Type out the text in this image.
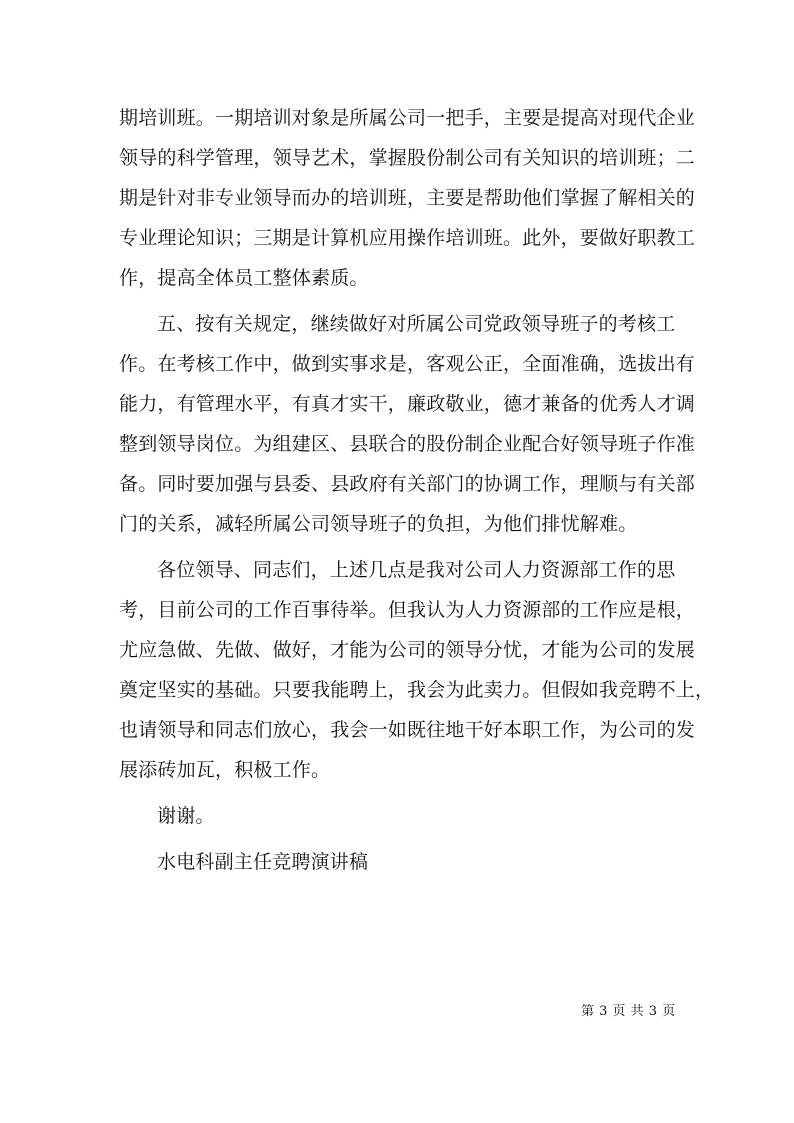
期培训班。一期培训对象是所属公司一把手，主要是提高对现代企业
领导的科学管理，领导艺术，掌握股份制公司有关知识的培训班；二
期是针对非专业领导而办的培训班，主要是帮助他们掌握了解相关的
专业理论知识；三期是计算机应用操作培训班。此外，要做好职教工
作，提高全体员工整体素质。
五、按有关规定，继续做好对所属公司党政领导班子的考核工
作。在考核工作中，做到实事求是，客观公正，全面准确，选拔出有
能力，有管理水平，有真才实干，廉政敬业，德才兼备的优秀人才调
整到领导岗位。为组建区、县联合的股份制企业配合好领导班子作准
备。同时要加强与县委、县政府有关部门的协调工作，理顺与有关部
门的关系，减轻所属公司领导班子的负担，为他们排忧解难。
各位领导、同志们，上述几点是我对公司人力资源部工作的思
考，目前公司的工作百事待举。但我认为人力资源部的工作应是根，
尤应急做、先做、做好，才能为公司的领导分忧，才能为公司的发展
奠定坚实的基础。只要我能聘上，我会为此卖力。但假如我竞聘不上，
也请领导和同志们放心，我会一如既往地干好本职工作，为公司的发
展添砖加瓦，积极工作。
谢谢。
水电科副主任竞聘演讲稿
第 3 页 共 3 页
